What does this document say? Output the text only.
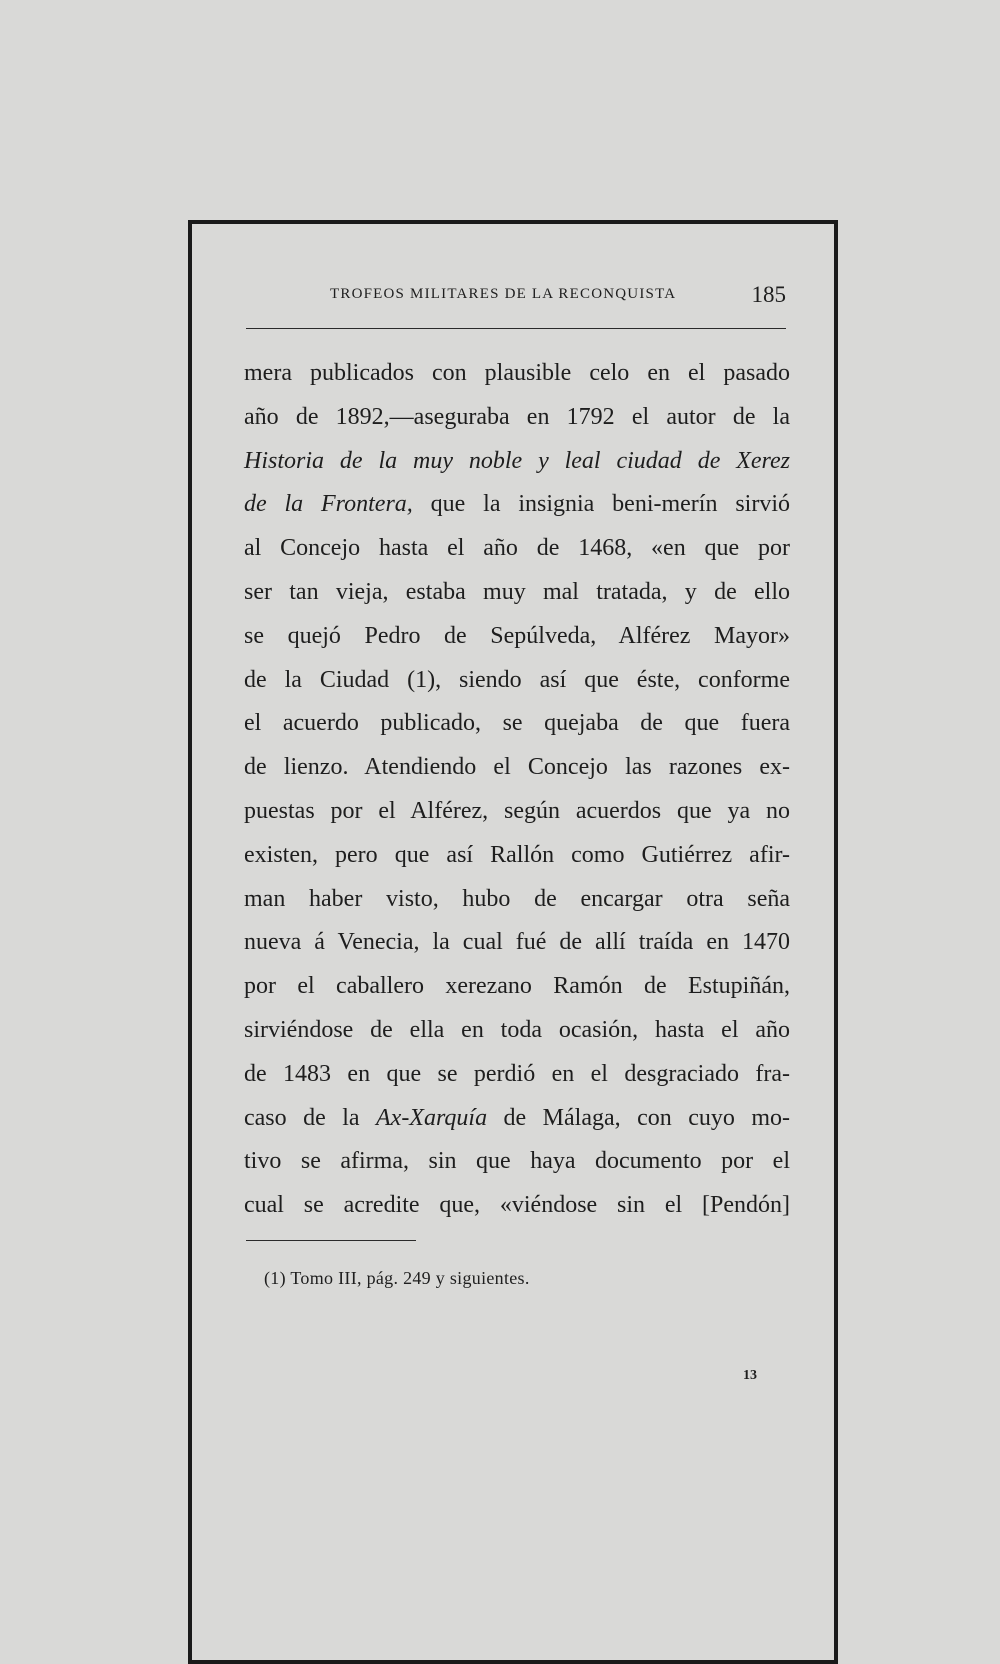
TROFEOS MILITARES DE LA RECONQUISTA	185
mera publicados con plausible celo en el pasado
año de 1892,—aseguraba en 1792 el autor de la
Historia de la muy noble y leal ciudad de Xerez
de la Frontera, que la insignia beni-merín sirvió
al Concejo hasta el año de 1468, «en que por
ser tan vieja, estaba muy mal tratada, y de ello
se quejó Pedro de Sepúlveda, Alférez Mayor»
de la Ciudad (1), siendo así que éste, conforme
el acuerdo publicado, se quejaba de que fuera
de lienzo. Atendiendo el Concejo las razones ex-
puestas por el Alférez, según acuerdos que ya no
existen, pero que así Rallón como Gutiérrez afir-
man haber visto, hubo de encargar otra seña
nueva á Venecia, la cual fué de allí traída en 1470
por el caballero xerezano Ramón de Estupiñán,
sirviéndose de ella en toda ocasión, hasta el año
de 1483 en que se perdió en el desgraciado fra-
caso de la Ax-Xarquía de Málaga, con cuyo mo-
tivo se afirma, sin que haya documento por el
cual se acredite que, «viéndose sin el [Pendón]
(1) Tomo III, pág. 249 y siguientes.
13
